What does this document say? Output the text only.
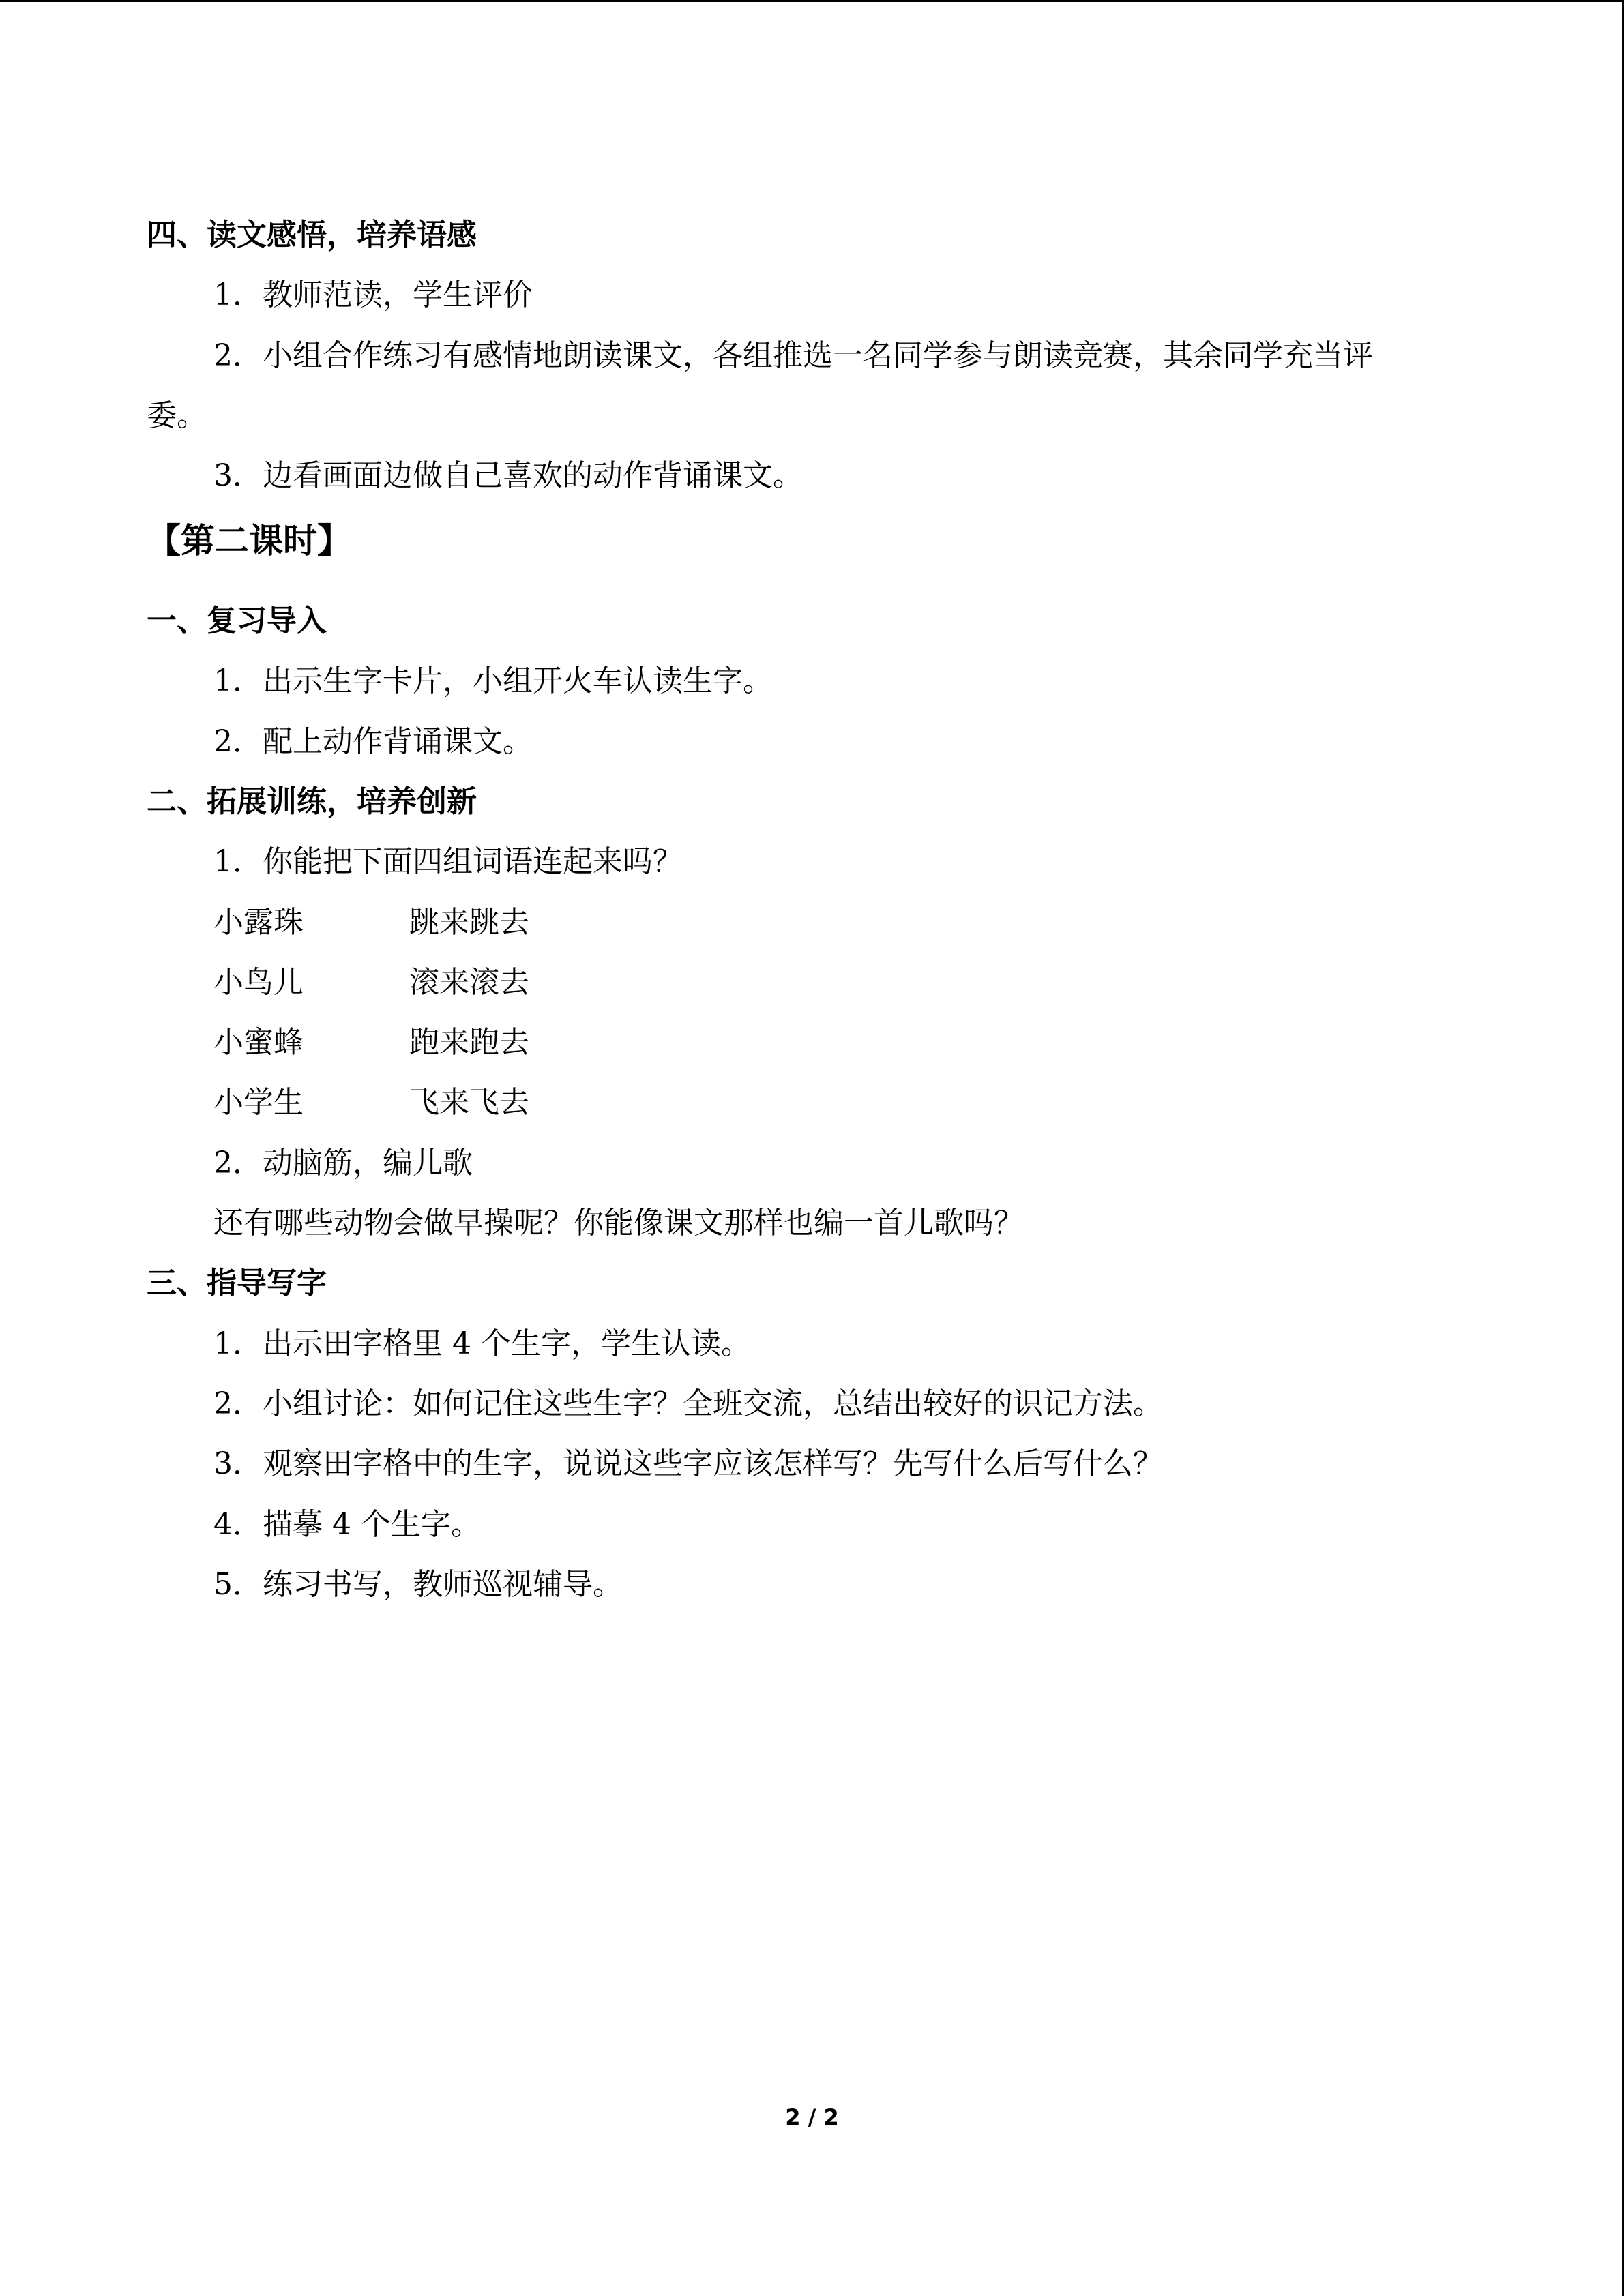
四、读文感悟，培养语感
1．教师范读，学生评价
2．小组合作练习有感情地朗读课文，各组推选一名同学参与朗读竞赛，其余同学充当评
委。
3．边看画面边做自己喜欢的动作背诵课文。
【第二课时】
一、复习导入
1．出示生字卡片，小组开火车认读生字。
2．配上动作背诵课文。
二、拓展训练，培养创新
1．你能把下面四组词语连起来吗？
小露珠	跳来跳去
小鸟儿	滚来滚去
小蜜蜂	跑来跑去
小学生	飞来飞去
2．动脑筋，编儿歌
还有哪些动物会做早操呢？你能像课文那样也编一首儿歌吗？
三、指导写字
1．出示田字格里 4 个生字，学生认读。
2．小组讨论：如何记住这些生字？全班交流，总结出较好的识记方法。
3．观察田字格中的生字，说说这些字应该怎样写？先写什么后写什么？
4．描摹 4 个生字。
5．练习书写，教师巡视辅导。
2 / 2
